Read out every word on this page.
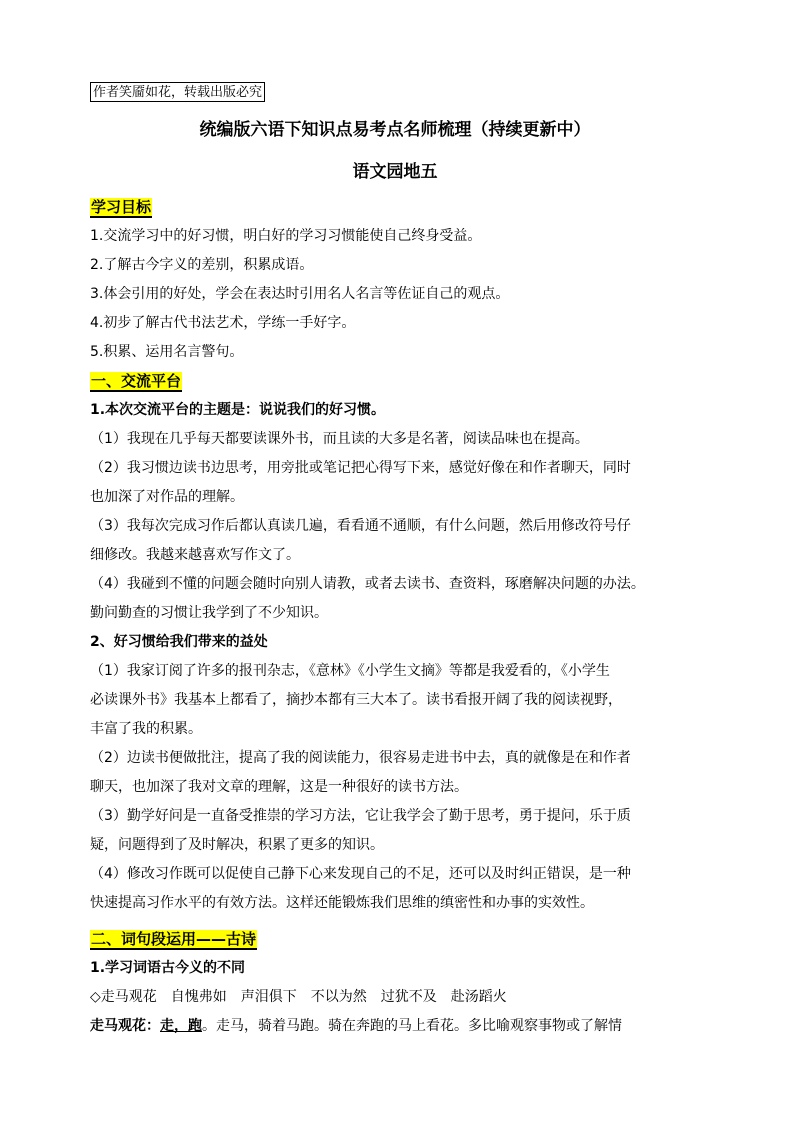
作者笑靥如花，转载出版必究
统编版六语下知识点易考点名师梳理（持续更新中）
语文园地五
学习目标
1.交流学习中的好习惯，明白好的学习习惯能使自己终身受益。
2.了解古今字义的差别，积累成语。
3.体会引用的好处，学会在表达时引用名人名言等佐证自己的观点。
4.初步了解古代书法艺术，学练一手好字。
5.积累、运用名言警句。
一、交流平台
1.本次交流平台的主题是：说说我们的好习惯。
（1）我现在几乎每天都要读课外书，而且读的大多是名著，阅读品味也在提高。
（2）我习惯边读书边思考，用旁批或笔记把心得写下来，感觉好像在和作者聊天，同时
也加深了对作品的理解。
（3）我每次完成习作后都认真读几遍，看看通不通顺，有什么问题，然后用修改符号仔
细修改。我越来越喜欢写作文了。
（4）我碰到不懂的问题会随时向别人请教，或者去读书、查资料，琢磨解决问题的办法。
勤问勤查的习惯让我学到了不少知识。
2、好习惯给我们带来的益处
（1）我家订阅了许多的报刊杂志，《意林》《小学生文摘》等都是我爱看的，《小学生
必读课外书》我基本上都看了，摘抄本都有三大本了。读书看报开阔了我的阅读视野，
丰富了我的积累。
（2）边读书便做批注，提高了我的阅读能力，很容易走进书中去，真的就像是在和作者
聊天，也加深了我对文章的理解，这是一种很好的读书方法。
（3）勤学好问是一直备受推崇的学习方法，它让我学会了勤于思考，勇于提问，乐于质
疑，问题得到了及时解决，积累了更多的知识。
（4）修改习作既可以促使自己静下心来发现自己的不足，还可以及时纠正错误，是一种
快速提高习作水平的有效方法。这样还能锻炼我们思维的缜密性和办事的实效性。
二、词句段运用——古诗
1.学习词语古今义的不同
◇走马观花　自愧弗如　声泪俱下　不以为然　过犹不及　赴汤蹈火
走马观花：走，跑。走马，骑着马跑。骑在奔跑的马上看花。多比喻观察事物或了解情
